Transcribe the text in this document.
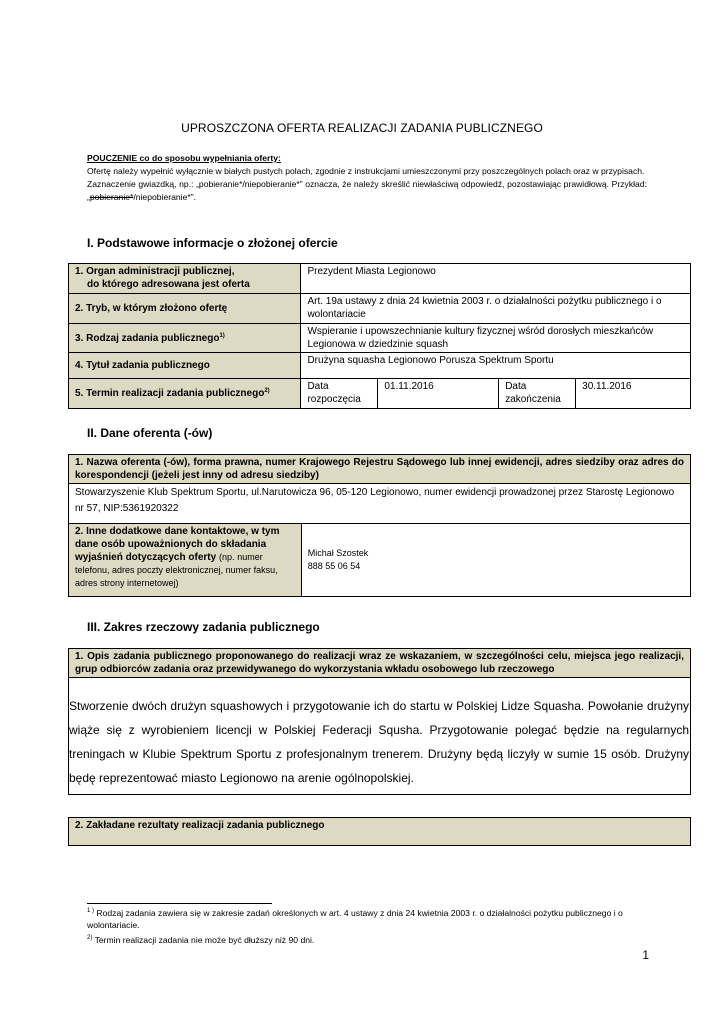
UPROSZCZONA OFERTA REALIZACJI ZADANIA PUBLICZNEGO

POUCZENIE co do sposobu wypełniania oferty:

Ofertę należy wypełnić wyłącznie w białych pustych polach, zgodnie z instrukcjami umieszczonymi przy poszczególnych polach oraz w przypisach.

Zaznaczenie gwiazdką, np.: „pobieranie*/niepobieranie*” oznacza, że należy skreślić niewłaściwą odpowiedź, pozostawiając prawidłową. Przykład: „pobieranie*/niepobieranie*”.

I. Podstawowe informacje o złożonej ofercie
1. Organ administracji publicznej,
do którego adresowana jest oferta	Prezydent Miasta Legionowo			
2. Tryb, w którym złożono ofertę	Art. 19a ustawy z dnia 24 kwietnia 2003 r. o działalności pożytku publicznego i o wolontariacie			
3. Rodzaj zadania publicznego$^{1)}$	Wspieranie i upowszechnianie kultury fizycznej wśród dorosłych mieszkańców Legionowa w dziedzinie squash			
4. Tytuł zadania publicznego	Drużyna squasha Legionowo Porusza Spektrum Sportu			
5. Termin realizacji zadania publicznego$^{2)}$	Data rozpoczęcia	01.11.2016	Data zakończenia	30.11.2016
II. Dane oferenta (-ów)
1. Nazwa oferenta (-ów), forma prawna, numer Krajowego Rejestru Sądowego lub innej ewidencji, adres siedziby oraz adres do korespondencji (jeżeli jest inny od adresu siedziby)
Stowarzyszenie Klub Spektrum Sportu, ul.Narutowicza 96, 05-120 Legionowo, numer ewidencji prowadzonej przez Starostę Legionowo nr 57, NIP:5361920322
2. Inne dodatkowe dane kontaktowe, w tym dane osób upoważnionych do składania wyjaśnień dotyczących oferty (np. numer telefonu, adres poczty elektronicznej, numer faksu, adres strony internetowej)	
Michał Szostek
888 55 06 54
III. Zakres rzeczowy zadania publicznego
1. Opis zadania publicznego proponowanego do realizacji wraz ze wskazaniem, w szczególności celu, miejsca jego realizacji, grup odbiorców zadania oraz przewidywanego do wykorzystania wkładu osobowego lub rzeczowego
Stworzenie dwóch drużyn squashowych i przygotowanie ich do startu w Polskiej Lidze Squasha. Powołanie drużyny wiąże się z wyrobieniem licencji w Polskiej Federacji Squsha. Przygotowanie polegać będzie na regularnych treningach w Klubie Spektrum Sportu z profesjonalnym trenerem. Drużyny będą liczyły w sumie 15 osób. Drużyny będę reprezentować miasto Legionowo na arenie ogólnopolskiej.
2. Zakładane rezultaty realizacji zadania publicznego
$^{1 )}$ Rodzaj zadania zawiera się w zakresie zadań określonych w art. 4 ustawy z dnia 24 kwietnia 2003 r. o działalności pożytku publicznego i o wolontariacie.
$^{2)}$ Termin realizacji zadania nie może być dłuższy niż 90 dni.
1
